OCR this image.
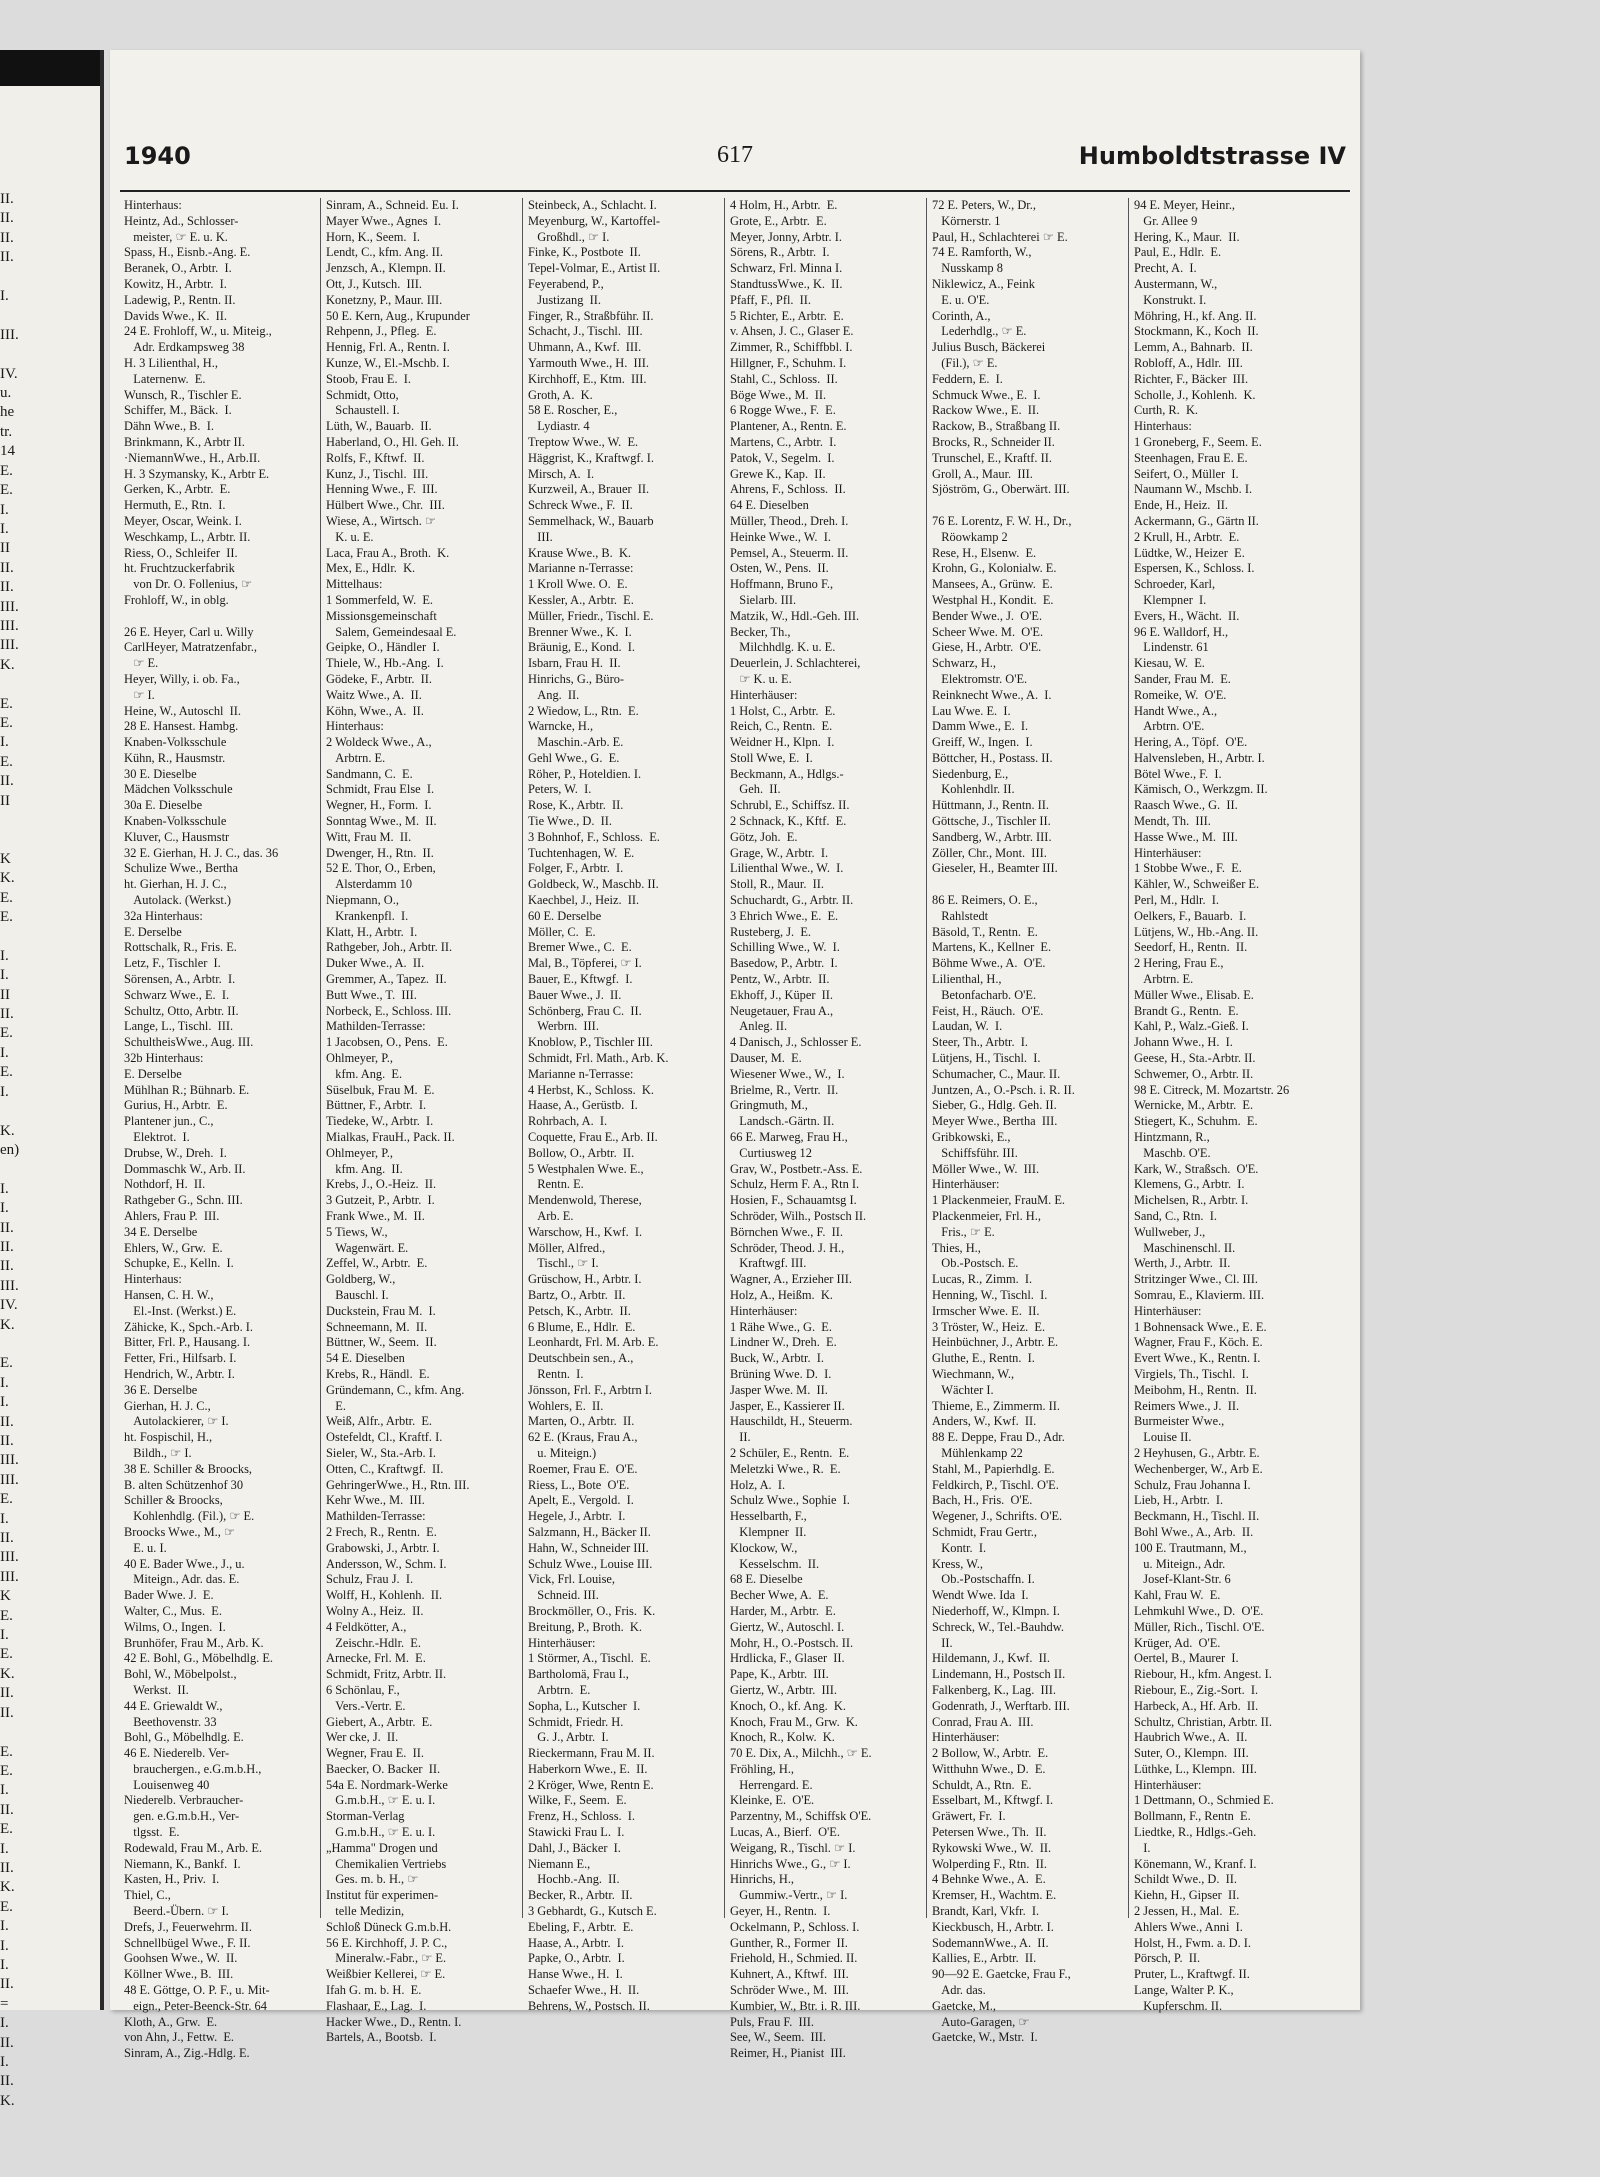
II.
II.
II.
II.

I.

III.

IV.
u.
he
tr.
14
E.
E.
I.
I.
II
II.
II.
III.
III.
III.
K.

E.
E.
I.
E.
II.
II

K
K.
E.
E.

I.
I.
II
II.
E.
I.
E.
I.

K.
en)

I.
I.
II.
II.
II.
III.
IV.
K.

E.
I.
I.
II.
II.
III.
III.
E.
I.
II.
III.
III.
K
E.
I.
E.
K.
II.
II.

E.
E.
I.
II.
E.
I.
II.
K.
E.
I.
I.
I.
II.
=
I.
II.
I.
II.
K.
1940	617	Humboldtstrasse IV
Hinterhaus:
Heintz, Ad., Schlosser-
meister, ☞ E. u. K.
Spass, H., Eisnb.-Ang. E.
Beranek, O., Arbtr.  I.
Kowitz, H., Arbtr.  I.
Ladewig, P., Rentn. II.
Davids Wwe., K.  II.
24 E. Frohloff, W., u. Miteig.,
Adr. Erdkampsweg 38
H. 3 Lilienthal, H.,
Laternenw.  E.
Wunsch, R., Tischler E.
Schiffer, M., Bäck.  I.
Dähn Wwe., B.  I.
Brinkmann, K., Arbtr II.
·NiemannWwe., H., Arb.II.
H. 3 Szymansky, K., Arbtr E.
Gerken, K., Arbtr.  E.
Hermuth, E., Rtn.  I.
Meyer, Oscar, Weink. I.
Weschkamp, L., Arbtr. II.
Riess, O., Schleifer  II.
ht. Fruchtzuckerfabrik
von Dr. O. Follenius, ☞
Frohloff, W., in oblg.

26 E. Heyer, Carl u. Willy
CarlHeyer, Matratzenfabr.,
☞ E.
Heyer, Willy, i. ob. Fa.,
☞ I.
Heine, W., Autoschl  II.
28 E. Hansest. Hambg.
Knaben-Volksschule
Kühn, R., Hausmstr.
30 E. Dieselbe
Mädchen Volksschule
30a E. Dieselbe
Knaben-Volksschule
Kluver, C., Hausmstr
32 E. Gierhan, H. J. C., das. 36
Schulize Wwe., Bertha
ht. Gierhan, H. J. C.,
Autolack. (Werkst.)
32a Hinterhaus:
E. Derselbe
Rottschalk, R., Fris. E.
Letz, F., Tischler  I.
Sörensen, A., Arbtr.  I.
Schwarz Wwe., E.  I.
Schultz, Otto, Arbtr. II.
Lange, L., Tischl.  III.
SchultheisWwe., Aug. III.
32b Hinterhaus:
E. Derselbe
Mühlhan R.; Bühnarb. E.
Gurius, H., Arbtr.  E.
Plantener jun., C.,
Elektrot.  I.
Drubse, W., Dreh.  I.
Dommaschk W., Arb. II.
Nothdorf, H.  II.
Rathgeber G., Schn. III.
Ahlers, Frau P.  III.
34 E. Derselbe
Ehlers, W., Grw.  E.
Schupke, E., Kelln.  I.
Hinterhaus:
Hansen, C. H. W.,
El.-Inst. (Werkst.) E.
Zähicke, K., Spch.-Arb. I.
Bitter, Frl. P., Hausang. I.
Fetter, Fri., Hilfsarb. I.
Hendrich, W., Arbtr. I.
36 E. Derselbe
Gierhan, H. J. C.,
Autolackierer, ☞ I.
ht. Fospischil, H.,
Bildh., ☞ I.
38 E. Schiller & Broocks,
B. alten Schützenhof 30
Schiller & Broocks,
Kohlenhdlg. (Fil.), ☞ E.
Broocks Wwe., M., ☞
E. u. I.
40 E. Bader Wwe., J., u.
Miteign., Adr. das. E.
Bader Wwe. J.  E.
Walter, C., Mus.  E.
Wilms, O., Ingen.  I.
Brunhöfer, Frau M., Arb. K.
42 E. Bohl, G., Möbelhdlg. E.
Bohl, W., Möbelpolst.,
Werkst.  II.
44 E. Griewaldt W.,
Beethovenstr. 33
Bohl, G., Möbelhdlg. E.
46 E. Niederelb. Ver-
brauchergen., e.G.m.b.H.,
Louisenweg 40
Niederelb. Verbraucher-
gen. e.G.m.b.H., Ver-
tlgsst.  E.
Rodewald, Frau M., Arb. E.
Niemann, K., Bankf.  I.
Kasten, H., Priv.  I.
Thiel, C.,
Beerd.-Übern. ☞ I.
Drefs, J., Feuerwehrm. II.
Schnellbügel Wwe., F. II.
Goohsen Wwe., W.  II.
Köllner Wwe., B.  III.
48 E. Göttge, O. P. F., u. Mit-
eign., Peter-Beenck-Str. 64
Kloth, A., Grw.  E.
von Ahn, J., Fettw.  E.
Sinram, A., Zig.-Hdlg. E.
Sinram, A., Schneid. Eu. I.
Mayer Wwe., Agnes  I.
Horn, K., Seem.  I.
Lendt, C., kfm. Ang. II.
Jenzsch, A., Klempn. II.
Ott, J., Kutsch.  III.
Konetzny, P., Maur. III.
50 E. Kern, Aug., Krupunder
Rehpenn, J., Pfleg.  E.
Hennig, Frl. A., Rentn. I.
Kunze, W., El.-Mschb. I.
Stoob, Frau E.  I.
Schmidt, Otto,
Schaustell. I.
Lüth, W., Bauarb.  II.
Haberland, O., Hl. Geh. II.
Rolfs, F., Kftwf.  II.
Kunz, J., Tischl.  III.
Henning Wwe., F.  III.
Hülbert Wwe., Chr.  III.
Wiese, A., Wirtsch. ☞
K. u. E.
Laca, Frau A., Broth.  K.
Mex, E., Hdlr.  K.
Mittelhaus:
1 Sommerfeld, W.  E.
Missionsgemeinschaft
Salem, Gemeindesaal E.
Geipke, O., Händler  I.
Thiele, W., Hb.-Ang.  I.
Gödeke, F., Arbtr.  II.
Waitz Wwe., A.  II.
Köhn, Wwe., A.  II.
Hinterhaus:
2 Woldeck Wwe., A.,
Arbtrn. E.
Sandmann, C.  E.
Schmidt, Frau Else  I.
Wegner, H., Form.  I.
Sonntag Wwe., M.  II.
Witt, Frau M.  II.
Dwenger, H., Rtn.  II.
52 E. Thor, O., Erben,
Alsterdamm 10
Niepmann, O.,
Krankenpfl.  I.
Klatt, H., Arbtr.  I.
Rathgeber, Joh., Arbtr. II.
Duker Wwe., A.  II.
Gremmer, A., Tapez.  II.
Butt Wwe., T.  III.
Norbeck, E., Schloss. III.
Mathilden-Terrasse:
1 Jacobsen, O., Pens.  E.
Ohlmeyer, P.,
kfm. Ang.  E.
Süselbuk, Frau M.  E.
Büttner, F., Arbtr.  I.
Tiedeke, W., Arbtr.  I.
Mialkas, FrauH., Pack. II.
Ohlmeyer, P.,
kfm. Ang.  II.
Krebs, J., O.-Heiz.  II.
3 Gutzeit, P., Arbtr.  I.
Frank Wwe., M.  II.
5 Tiews, W.,
Wagenwärt. E.
Zeffel, W., Arbtr.  E.
Goldberg, W.,
Bauschl. I.
Duckstein, Frau M.  I.
Schneemann, M.  II.
Büttner, W., Seem.  II.
54 E. Dieselben
Krebs, R., Händl.  E.
Gründemann, C., kfm. Ang.
E.
Weiß, Alfr., Arbtr.  E.
Ostefeldt, Cl., Kraftf. I.
Sieler, W., Sta.-Arb. I.
Otten, C., Kraftwgf.  II.
GehringerWwe., H., Rtn. III.
Kehr Wwe., M.  III.
Mathilden-Terrasse:
2 Frech, R., Rentn.  E.
Grabowski, J., Arbtr. I.
Andersson, W., Schm. I.
Schulz, Frau J.  I.
Wolff, H., Kohlenh.  II.
Wolny A., Heiz.  II.
4 Feldkötter, A.,
Zeischr.-Hdlr.  E.
Arnecke, Frl. M.  E.
Schmidt, Fritz, Arbtr. II.
6 Schönlau, F.,
Vers.-Vertr. E.
Giebert, A., Arbtr.  E.
Wer cke, J.  II.
Wegner, Frau E.  II.
Baecker, O. Backer  II.
54a E. Nordmark-Werke
G.m.b.H., ☞ E. u. I.
Storman-Verlag
G.m.b.H., ☞ E. u. I.
„Hamma" Drogen und
Chemikalien Vertriebs
Ges. m. b. H., ☞
Institut für experimen-
telle Medizin,
Schloß Düneck G.m.b.H.
56 E. Kirchhoff, J. P. C.,
Mineralw.-Fabr., ☞ E.
Weißbier Kellerei, ☞ E.
Ifah G. m. b. H.  E.
Flashaar, E., Lag.  I.
Hacker Wwe., D., Rentn. I.
Bartels, A., Bootsb.  I.
Steinbeck, A., Schlacht. I.
Meyenburg, W., Kartoffel-
Großhdl., ☞ I.
Finke, K., Postbote  II.
Tepel-Volmar, E., Artist II.
Feyerabend, P.,
Justizang  II.
Finger, R., Straßbführ. II.
Schacht, J., Tischl.  III.
Uhmann, A., Kwf.  III.
Yarmouth Wwe., H.  III.
Kirchhoff, E., Ktm.  III.
Groth, A.  K.
58 E. Roscher, E.,
Lydiastr. 4
Treptow Wwe., W.  E.
Häggrist, K., Kraftwgf. I.
Mirsch, A.  I.
Kurzweil, A., Brauer  II.
Schreck Wwe., F.  II.
Semmelhack, W., Bauarb
III.
Krause Wwe., B.  K.
Marianne n-Terrasse:
1 Kroll Wwe. O.  E.
Kessler, A., Arbtr.  E.
Müller, Friedr., Tischl. E.
Brenner Wwe., K.  I.
Bräunig, E., Kond.  I.
Isbarn, Frau H.  II.
Hinrichs, G., Büro-
Ang.  II.
2 Wiedow, L., Rtn.  E.
Warncke, H.,
Maschin.-Arb. E.
Gehl Wwe., G.  E.
Röher, P., Hoteldien. I.
Peters, W.  I.
Rose, K., Arbtr.  II.
Tie Wwe., D.  II.
3 Bohnhof, F., Schloss.  E.
Tuchtenhagen, W.  E.
Folger, F., Arbtr.  I.
Goldbeck, W., Maschb. II.
Kaechbel, J., Heiz.  II.
60 E. Derselbe
Möller, C.  E.
Bremer Wwe., C.  E.
Mal, B., Töpferei, ☞ I.
Bauer, E., Kftwgf.  I.
Bauer Wwe., J.  II.
Schönberg, Frau C.  II.
Werbrn.  III.
Knoblow, P., Tischler III.
Schmidt, Frl. Math., Arb. K.
Marianne n-Terrasse:
4 Herbst, K., Schloss.  K.
Haase, A., Gerüstb.  I.
Rohrbach, A.  I.
Coquette, Frau E., Arb. II.
Bollow, O., Arbtr.  II.
5 Westphalen Wwe. E.,
Rentn. E.
Mendenwold, Therese,
Arb. E.
Warschow, H., Kwf.  I.
Möller, Alfred.,
Tischl., ☞ I.
Grüschow, H., Arbtr. I.
Bartz, O., Arbtr.  II.
Petsch, K., Arbtr.  II.
6 Blume, E., Hdlr.  E.
Leonhardt, Frl. M. Arb. E.
Deutschbein sen., A.,
Rentn.  I.
Jönsson, Frl. F., Arbtrn I.
Wohlers, E.  II.
Marten, O., Arbtr.  II.
62 E. (Kraus, Frau A.,
u. Miteign.)
Roemer, Frau E.  O'E.
Riess, L., Bote  O'E.
Apelt, E., Vergold.  I.
Hegele, J., Arbtr.  I.
Salzmann, H., Bäcker II.
Hahn, W., Schneider III.
Schulz Wwe., Louise III.
Vick, Frl. Louise,
Schneid. III.
Brockmöller, O., Fris.  K.
Breitung, P., Broth.  K.
Hinterhäuser:
1 Störmer, A., Tischl.  E.
Bartholomä, Frau I.,
Arbtrn.  E.
Sopha, L., Kutscher  I.
Schmidt, Friedr. H.
G. J., Arbtr.  I.
Rieckermann, Frau M. II.
Haberkorn Wwe., E.  II.
2 Kröger, Wwe, Rentn E.
Wilke, F., Seem.  E.
Frenz, H., Schloss.  I.
Stawicki Frau L.  I.
Dahl, J., Bäcker  I.
Niemann E.,
Hochb.-Ang.  II.
Becker, R., Arbtr.  II.
3 Gebhardt, G., Kutsch E.
Ebeling, F., Arbtr.  E.
Haase, A., Arbtr.  I.
Papke, O., Arbtr.  I.
Hanse Wwe., H.  I.
Schaefer Wwe., H.  II.
Behrens, W., Postsch. II.
4 Holm, H., Arbtr.  E.
Grote, E., Arbtr.  E.
Meyer, Jonny, Arbtr. I.
Sörens, R., Arbtr.  I.
Schwarz, Frl. Minna I.
StandtussWwe., K.  II.
Pfaff, F., Pfl.  II.
5 Richter, E., Arbtr.  E.
v. Ahsen, J. C., Glaser E.
Zimmer, R., Schiffbbl. I.
Hillgner, F., Schuhm. I.
Stahl, C., Schloss.  II.
Böge Wwe., M.  II.
6 Rogge Wwe., F.  E.
Plantener, A., Rentn. E.
Martens, C., Arbtr.  I.
Patok, V., Segelm.  I.
Grewe K., Kap.  II.
Ahrens, F., Schloss.  II.
64 E. Dieselben
Müller, Theod., Dreh. I.
Heinke Wwe., W.  I.
Pemsel, A., Steuerm. II.
Osten, W., Pens.  II.
Hoffmann, Bruno F.,
Sielarb. III.
Matzik, W., Hdl.-Geh. III.
Becker, Th.,
Milchhdlg. K. u. E.
Deuerlein, J. Schlachterei,
☞ K. u. E.
Hinterhäuser:
1 Holst, C., Arbtr.  E.
Reich, C., Rentn.  E.
Weidner H., Klpn.  I.
Stoll Wwe, E.  I.
Beckmann, A., Hdlgs.-
Geh.  II.
Schrubl, E., Schiffsz. II.
2 Schnack, K., Kftf.  E.
Götz, Joh.  E.
Grage, W., Arbtr.  I.
Lilienthal Wwe., W.  I.
Stoll, R., Maur.  II.
Schuchardt, G., Arbtr. II.
3 Ehrich Wwe., E.  E.
Rusteberg, J.  E.
Schilling Wwe., W.  I.
Basedow, P., Arbtr.  I.
Pentz, W., Arbtr.  II.
Ekhoff, J., Küper  II.
Neugetauer, Frau A.,
Anleg. II.
4 Danisch, J., Schlosser E.
Dauser, M.  E.
Wiesener Wwe., W.,  I.
Brielme, R., Vertr.  II.
Gringmuth, M.,
Landsch.-Gärtn. II.
66 E. Marweg, Frau H.,
Curtiusweg 12
Grav, W., Postbetr.-Ass. E.
Schulz, Herm F. A., Rtn I.
Hosien, F., Schauamtsg I.
Schröder, Wilh., Postsch II.
Börnchen Wwe., F.  II.
Schröder, Theod. J. H.,
Kraftwgf. III.
Wagner, A., Erzieher III.
Holz, A., Heißm.  K.
Hinterhäuser:
1 Rähe Wwe., G.  E.
Lindner W., Dreh.  E.
Buck, W., Arbtr.  I.
Brüning Wwe. D.  I.
Jasper Wwe. M.  II.
Jasper, E., Kassierer II.
Hauschildt, H., Steuerm.
II.
2 Schüler, E., Rentn.  E.
Meletzki Wwe., R.  E.
Holz, A.  I.
Schulz Wwe., Sophie  I.
Hesselbarth, F.,
Klempner  II.
Klockow, W.,
Kesselschm.  II.
68 E. Dieselbe
Becher Wwe, A.  E.
Harder, M., Arbtr.  E.
Giertz, W., Autoschl. I.
Mohr, H., O.-Postsch. II.
Hrdlicka, F., Glaser  II.
Pape, K., Arbtr.  III.
Giertz, W., Arbtr.  III.
Knoch, O., kf. Ang.  K.
Knoch, Frau M., Grw.  K.
Knoch, R., Kolw.  K.
70 E. Dix, A., Milchh., ☞ E.
Fröhling, H.,
Herrengard. E.
Kleinke, E.  O'E.
Parzentny, M., Schiffsk O'E.
Lucas, A., Bierf.  O'E.
Weigang, R., Tischl. ☞ I.
Hinrichs Wwe., G., ☞ I.
Hinrichs, H.,
Gummiw.-Vertr., ☞ I.
Geyer, H., Rentn.  I.
Ockelmann, P., Schloss. I.
Gunther, R., Former  II.
Friehold, H., Schmied. II.
Kuhnert, A., Kftwf.  III.
Schröder Wwe., M.  III.
Kumbier, W., Btr. i. R. III.
Puls, Frau F.  III.
See, W., Seem.  III.
Reimer, H., Pianist  III.
72 E. Peters, W., Dr.,
Körnerstr. 1
Paul, H., Schlachterei ☞ E.
74 E. Ramforth, W.,
Nusskamp 8
Niklewicz, A., Feink
E. u. O'E.
Corinth, A.,
Lederhdlg., ☞ E.
Julius Busch, Bäckerei
(Fil.), ☞ E.
Feddern, E.  I.
Schmuck Wwe., E.  I.
Rackow Wwe., E.  II.
Rackow, B., Straßbang II.
Brocks, R., Schneider II.
Trunschel, E., Kraftf. II.
Groll, A., Maur.  III.
Sjöström, G., Oberwärt. III.

76 E. Lorentz, F. W. H., Dr.,
Röowkamp 2
Rese, H., Elsenw.  E.
Krohn, G., Kolonialw. E.
Mansees, A., Grünw.  E.
Westphal H., Kondit.  E.
Bender Wwe., J.  O'E.
Scheer Wwe. M.  O'E.
Giese, H., Arbtr.  O'E.
Schwarz, H.,
Elektromstr. O'E.
Reinknecht Wwe., A.  I.
Lau Wwe. E.  I.
Damm Wwe., E.  I.
Greiff, W., Ingen.  I.
Böttcher, H., Postass. II.
Siedenburg, E.,
Kohlenhdlr. II.
Hüttmann, J., Rentn. II.
Göttsche, J., Tischler II.
Sandberg, W., Arbtr. III.
Zöller, Chr., Mont.  III.
Gieseler, H., Beamter III.

86 E. Reimers, O. E.,
Rahlstedt
Bäsold, T., Rentn.  E.
Martens, K., Kellner  E.
Böhme Wwe., A.  O'E.
Lilienthal, H.,
Betonfacharb. O'E.
Feist, H., Räuch.  O'E.
Laudan, W.  I.
Steer, Th., Arbtr.  I.
Lütjens, H., Tischl.  I.
Schumacher, C., Maur. II.
Juntzen, A., O.-Psch. i. R. II.
Sieber, G., Hdlg. Geh. II.
Meyer Wwe., Bertha  III.
Gribkowski, E.,
Schiffsführ. III.
Möller Wwe., W.  III.
Hinterhäuser:
1 Plackenmeier, FrauM. E.
Plackenmeier, Frl. H.,
Fris., ☞ E.
Thies, H.,
Ob.-Postsch. E.
Lucas, R., Zimm.  I.
Henning, W., Tischl.  I.
Irmscher Wwe. E.  II.
3 Tröster, W., Heiz.  E.
Heinbüchner, J., Arbtr. E.
Gluthe, E., Rentn.  I.
Wiechmann, W.,
Wächter I.
Thieme, E., Zimmerm. II.
Anders, W., Kwf.  II.
88 E. Deppe, Frau D., Adr.
Mühlenkamp 22
Stahl, M., Papierhdlg. E.
Feldkirch, P., Tischl. O'E.
Bach, H., Fris.  O'E.
Wegener, J., Schrifts. O'E.
Schmidt, Frau Gertr.,
Kontr.  I.
Kress, W.,
Ob.-Postschaffn. I.
Wendt Wwe. Ida  I.
Niederhoff, W., Klmpn. I.
Schreck, W., Tel.-Bauhdw.
II.
Hildemann, J., Kwf.  II.
Lindemann, H., Postsch II.
Falkenberg, K., Lag.  III.
Godenrath, J., Werftarb. III.
Conrad, Frau A.  III.
Hinterhäuser:
2 Bollow, W., Arbtr.  E.
Witthuhn Wwe., D.  E.
Schuldt, A., Rtn.  E.
Esselbart, M., Kftwgf. I.
Gräwert, Fr.  I.
Petersen Wwe., Th.  II.
Rykowski Wwe., W.  II.
Wolperding F., Rtn.  II.
4 Behnke Wwe., A.  E.
Kremser, H., Wachtm. E.
Brandt, Karl, Vkfr.  I.
Kieckbusch, H., Arbtr. I.
SodemannWwe., A.  II.
Kallies, E., Arbtr.  II.
90—92 E. Gaetcke, Frau F.,
Adr. das.
Gaetcke, M.,
Auto-Garagen, ☞
Gaetcke, W., Mstr.  I.
94 E. Meyer, Heinr.,
Gr. Allee 9
Hering, K., Maur.  II.
Paul, E., Hdlr.  E.
Precht, A.  I.
Austermann, W.,
Konstrukt. I.
Möhring, H., kf. Ang. II.
Stockmann, K., Koch  II.
Lemm, A., Bahnarb.  II.
Robloff, A., Hdlr.  III.
Richter, F., Bäcker  III.
Scholle, J., Kohlenh.  K.
Curth, R.  K.
Hinterhaus:
1 Groneberg, F., Seem. E.
Steenhagen, Frau E. E.
Seifert, O., Müller  I.
Naumann W., Mschb. I.
Ende, H., Heiz.  II.
Ackermann, G., Gärtn II.
2 Krull, H., Arbtr.  E.
Lüdtke, W., Heizer  E.
Espersen, K., Schloss. I.
Schroeder, Karl,
Klempner  I.
Evers, H., Wächt.  II.
96 E. Walldorf, H.,
Lindenstr. 61
Kiesau, W.  E.
Sander, Frau M.  E.
Romeike, W.  O'E.
Handt Wwe., A.,
Arbtrn. O'E.
Hering, A., Töpf.  O'E.
Halvensleben, H., Arbtr. I.
Bötel Wwe., F.  I.
Kämisch, O., Werkzgm. II.
Raasch Wwe., G.  II.
Mendt, Th.  III.
Hasse Wwe., M.  III.
Hinterhäuser:
1 Stobbe Wwe., F.  E.
Kähler, W., Schweißer E.
Perl, M., Hdlr.  I.
Oelkers, F., Bauarb.  I.
Lütjens, W., Hb.-Ang. II.
Seedorf, H., Rentn.  II.
2 Hering, Frau E.,
Arbtrn. E.
Müller Wwe., Elisab. E.
Brandt G., Rentn.  E.
Kahl, P., Walz.-Gieß. I.
Johann Wwe., H.  I.
Geese, H., Sta.-Arbtr. II.
Schwemer, O., Arbtr. II.
98 E. Citreck, M. Mozartstr. 26
Wernicke, M., Arbtr.  E.
Stiegert, K., Schuhm.  E.
Hintzmann, R.,
Maschb. O'E.
Kark, W., Straßsch.  O'E.
Klemens, G., Arbtr.  I.
Michelsen, R., Arbtr. I.
Sand, C., Rtn.  I.
Wullweber, J.,
Maschinenschl. II.
Werth, J., Arbtr.  II.
Stritzinger Wwe., Cl. III.
Somrau, E., Klavierm. III.
Hinterhäuser:
1 Bohnensack Wwe., E. E.
Wagner, Frau F., Köch. E.
Evert Wwe., K., Rentn. I.
Virgiels, Th., Tischl.  I.
Meibohm, H., Rentn.  II.
Reimers Wwe., J.  II.
Burmeister Wwe.,
Louise II.
2 Heyhusen, G., Arbtr. E.
Wechenberger, W., Arb E.
Schulz, Frau Johanna I.
Lieb, H., Arbtr.  I.
Beckmann, H., Tischl. II.
Bohl Wwe., A., Arb.  II.
100 E. Trautmann, M.,
u. Miteign., Adr.
Josef-Klant-Str. 6
Kahl, Frau W.  E.
Lehmkuhl Wwe., D.  O'E.
Müller, Rich., Tischl. O'E.
Krüger, Ad.  O'E.
Oertel, B., Maurer  I.
Riebour, H., kfm. Angest. I.
Riebour, E., Zig.-Sort.  I.
Harbeck, A., Hf. Arb.  II.
Schultz, Christian, Arbtr. II.
Haubrich Wwe., A.  II.
Suter, O., Klempn.  III.
Lüthke, L., Klempn.  III.
Hinterhäuser:
1 Dettmann, O., Schmied E.
Bollmann, F., Rentn  E.
Liedtke, R., Hdlgs.-Geh.
I.
Könemann, W., Kranf. I.
Schildt Wwe., D.  II.
Kiehn, H., Gipser  II.
2 Jessen, H., Mal.  E.
Ahlers Wwe., Anni  I.
Holst, H., Fwm. a. D. I.
Pörsch, P.  II.
Pruter, L., Kraftwgf. II.
Lange, Walter P. K.,
Kupferschm. II.
